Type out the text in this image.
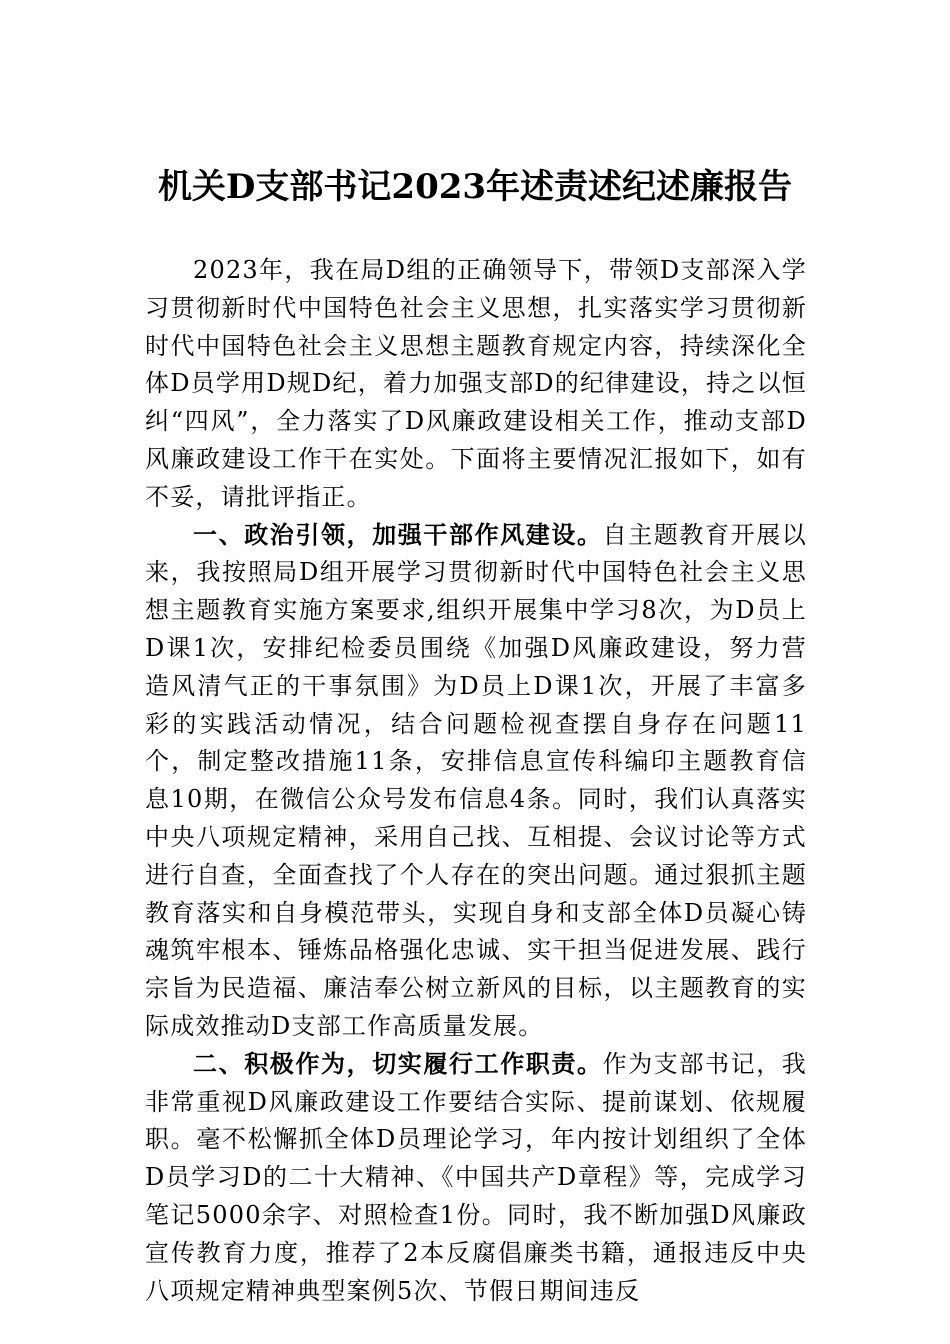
机关D支部书记2023年述责述纪述廉报告

2023年，我在局D组的正确领导下，带领D支部深入学习贯彻新时代中国特色社会主义思想，扎实落实学习贯彻新时代中国特色社会主义思想主题教育规定内容，持续深化全体D员学用D规D纪，着力加强支部D的纪律建设，持之以恒纠“四风”，全力落实了D风廉政建设相关工作，推动支部D风廉政建设工作干在实处。下面将主要情况汇报如下，如有不妥，请批评指正。

一、政治引领，加强干部作风建设。自主题教育开展以来，我按照局D组开展学习贯彻新时代中国特色社会主义思想主题教育实施方案要求,组织开展集中学习8次，为D员上D课1次，安排纪检委员围绕《加强D风廉政建设，努力营造风清气正的干事氛围》为D员上D课1次，开展了丰富多彩的实践活动情况，结合问题检视查摆自身存在问题11个，制定整改措施11条，安排信息宣传科编印主题教育信息10期，在微信公众号发布信息4条。同时，我们认真落实中央八项规定精神，采用自己找、互相提、会议讨论等方式进行自查，全面查找了个人存在的突出问题。通过狠抓主题教育落实和自身模范带头，实现自身和支部全体D员凝心铸魂筑牢根本、锤炼品格强化忠诚、实干担当促进发展、践行宗旨为民造福、廉洁奉公树立新风的目标，以主题教育的实际成效推动D支部工作高质量发展。

二、积极作为，切实履行工作职责。作为支部书记，我非常重视D风廉政建设工作要结合实际、提前谋划、依规履职。毫不松懈抓全体D员理论学习，年内按计划组织了全体D员学习D的二十大精神、《中国共产D章程》等，完成学习笔记5000余字、对照检查1份。同时，我不断加强D风廉政宣传教育力度，推荐了2本反腐倡廉类书籍，通报违反中央八项规定精神典型案例5次、节假日期间违反
